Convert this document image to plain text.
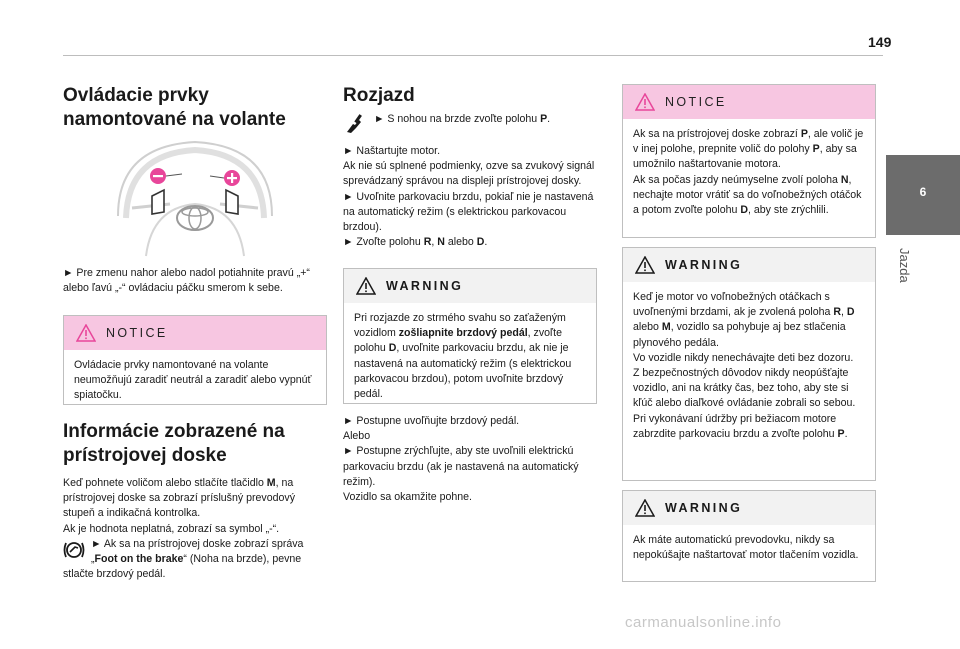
149
6
Jazda
Ovládacie prvky namontované na volante

► Pre zmenu nahor alebo nadol potiahnite pravú „+“ alebo ľavú „-“ ovládaciu páčku smerom k sebe.

NOTICE
Ovládacie prvky namontované na volante neumožňujú zaradiť neutrál a zaradiť alebo vypnúť spiatočku.
Informácie zobrazené na prístrojovej doske

Keď pohnete voličom alebo stlačíte tlačidlo M, na prístrojovej doske sa zobrazí príslušný prevodový stupeň a indikačná kontrolka.

Ak je hodnota neplatná, zobrazí sa symbol „-“.

► Ak sa na prístrojovej doske zobrazí správa „Foot on the brake“ (Noha na brzde), pevne stlačte brzdový pedál.

Rozjazd

► S nohou na brzde zvoľte polohu P.

► Naštartujte motor.

Ak nie sú splnené podmienky, ozve sa zvukový signál sprevádzaný správou na displeji prístrojovej dosky.

► Uvoľnite parkovaciu brzdu, pokiaľ nie je nastavená na automatický režim (s elektrickou parkovacou brzdou).

► Zvoľte polohu R, N alebo D.

WARNING
Pri rozjazde zo strmého svahu so zaťaženým vozidlom zošliapnite brzdový pedál, zvoľte polohu D, uvoľnite parkovaciu brzdu, ak nie je nastavená na automatický režim (s elektrickou parkovacou brzdou), potom uvoľnite brzdový pedál.

► Postupne uvoľňujte brzdový pedál.

Alebo

► Postupne zrýchľujte, aby ste uvoľnili elektrickú parkovaciu brzdu (ak je nastavená na automatický režim).

Vozidlo sa okamžite pohne.

NOTICE
Ak sa na prístrojovej doske zobrazí P, ale volič je v inej polohe, prepnite volič do polohy P, aby sa umožnilo naštartovanie motora.
Ak sa počas jazdy neúmyselne zvolí poloha N, nechajte motor vrátiť sa do voľnobežných otáčok a potom zvoľte polohu D, aby ste zrýchlili.
WARNING
Keď je motor vo voľnobežných otáčkach s uvoľnenými brzdami, ak je zvolená poloha R, D alebo M, vozidlo sa pohybuje aj bez stlačenia plynového pedála.
Vo vozidle nikdy nenechávajte deti bez dozoru.
Z bezpečnostných dôvodov nikdy neopúšťajte vozidlo, ani na krátky čas, bez toho, aby ste si kľúč alebo diaľkové ovládanie zobrali so sebou.
Pri vykonávaní údržby pri bežiacom motore zabrzdite parkovaciu brzdu a zvoľte polohu P.
WARNING
Ak máte automatickú prevodovku, nikdy sa nepokúšajte naštartovať motor tlačením vozidla.
carmanualsonline.info
